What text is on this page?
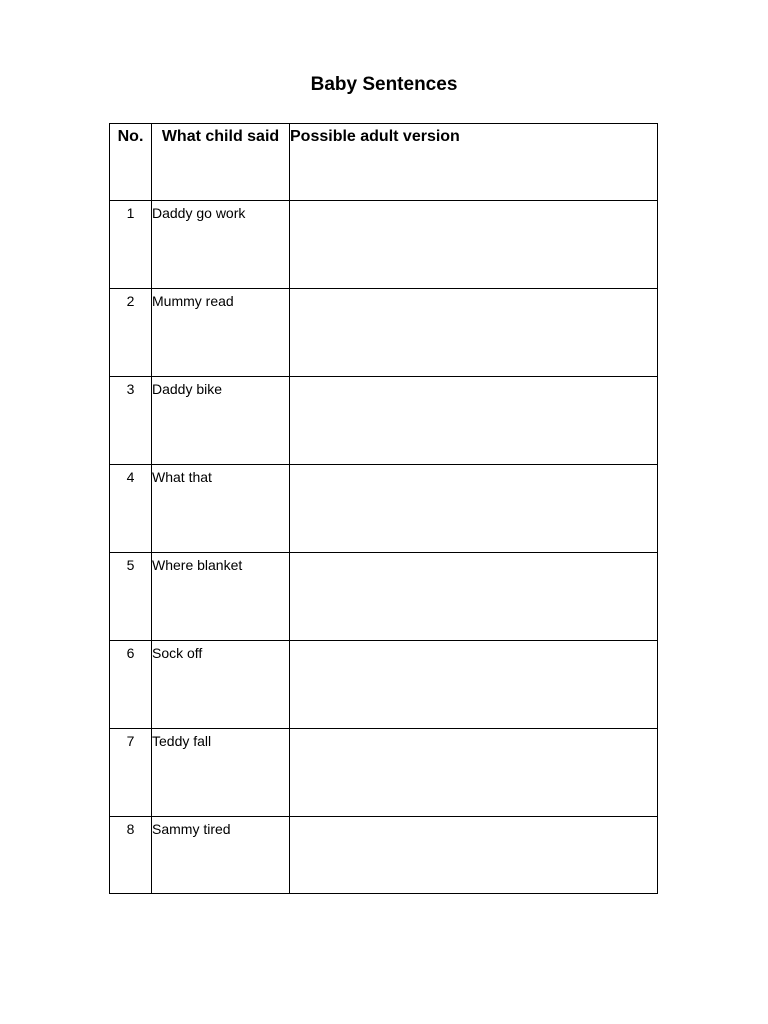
Baby Sentences
No.	What child said	Possible adult version
1	Daddy go work	
2	Mummy read	
3	Daddy bike	
4	What that	
5	Where blanket	
6	Sock off	
7	Teddy fall	
8	Sammy tired	
